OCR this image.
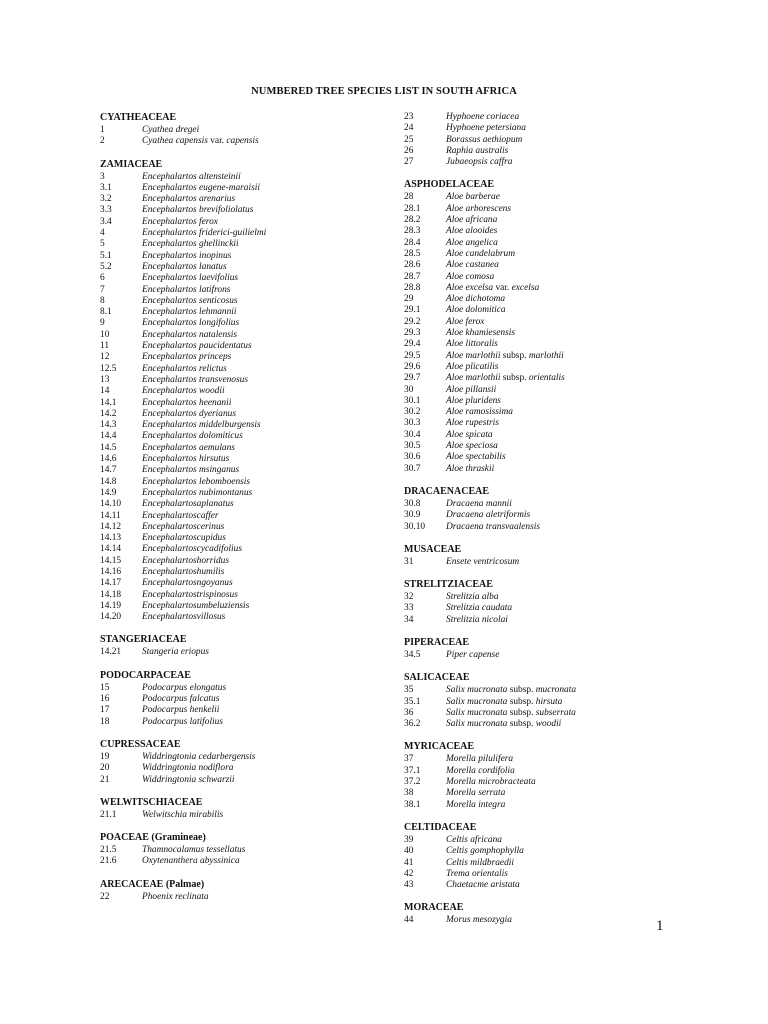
NUMBERED TREE SPECIES LIST IN SOUTH AFRICA
CYATHEACEAE
1	Cyathea dregei
2	Cyathea capensis var. capensis
ZAMIACEAE
3	Encephalartos altensteinii
3.1	Encephalartos eugene-maraisii
3.2	Encephalartos arenarius
3.3	Encephalartos brevifoliolatus
3.4	Encephalartos ferox
4	Encephalartos friderici-guilielmi
5	Encephalartos ghellinckii
5.1	Encephalartos inopinus
5.2	Encephalartos lanatus
6	Encephalartos laevifolius
7	Encephalartos latifrons
8	Encephalartos senticosus
8.1	Encephalartos lehmannii
9	Encephalartos longifolius
10	Encephalartos natalensis
11	Encephalartos paucidentatus
12	Encephalartos princeps
12.5	Encephalartos relictus
13	Encephalartos transvenosus
14	Encephalartos woodii
14.1	Encephalartos heenanii
14.2	Encephalartos dyerianus
14.3	Encephalartos middelburgensis
14.4	Encephalartos dolomiticus
14.5	Encephalartos aemulans
14.6	Encephalartos hirsutus
14.7	Encephalartos msinganus
14.8	Encephalartos lebomboensis
14.9	Encephalartos nubimontanus
14.10	Encephalartosaplanatus
14.11	Encephalartoscaffer
14.12	Encephalartoscerinus
14.13	Encephalartoscupidus
14.14	Encephalartoscycadifolius
14.15	Encephalartoshorridus
14.16	Encephalartoshumilis
14.17	Encephalartosngoyanus
14.18	Encephalartostrispinosus
14.19	Encephalartosumbeluziensis
14.20	Encephalartosvillosus
STANGERIACEAE
14.21	Stangeria eriopus
PODOCARPACEAE
15	Podocarpus elongatus
16	Podocarpus falcatus
17	Podocarpus henkelii
18	Podocarpus latifolius
CUPRESSACEAE
19	Widdringtonia cedarbergensis
20	Widdringtonia nodiflora
21	Widdringtonia schwarzii
WELWITSCHIACEAE
21.1	Welwitschia mirabilis
POACEAE (Gramineae)
21.5	Thamnocalamus tessellatus
21.6	Oxytenanthera abyssinica
ARECACEAE (Palmae)
22	Phoenix reclinata
23	Hyphoene coriacea
24	Hyphoene petersiana
25	Borassus aethiopum
26	Raphia australis
27	Jubaeopsis caffra
ASPHODELACEAE
28	Aloe barberae
28.1	Aloe arborescens
28.2	Aloe africana
28.3	Aloe alooides
28.4	Aloe angelica
28.5	Aloe candelabrum
28.6	Aloe castanea
28.7	Aloe comosa
28.8	Aloe excelsa var. excelsa
29	Aloe dichotoma
29.1	Aloe dolomitica
29.2	Aloe ferox
29.3	Aloe khamiesensis
29.4	Aloe littoralis
29.5	Aloe marlothii subsp. marlothii
29.6	Aloe plicatilis
29.7	Aloe marlothii subsp. orientalis
30	Aloe pillansii
30.1	Aloe pluridens
30.2	Aloe ramosissima
30.3	Aloe rupestris
30.4	Aloe spicata
30.5	Aloe speciosa
30.6	Aloe spectabilis
30.7	Aloe thraskii
DRACAENACEAE
30.8	Dracaena mannii
30.9	Dracaena aletriformis
30.10	Dracaena transvaalensis
MUSACEAE
31	Ensete ventricosum
STRELITZIACEAE
32	Strelitzia alba
33	Strelitzia caudata
34	Strelitzia nicolai
PIPERACEAE
34.5	Piper capense
SALICACEAE
35	Salix mucronata subsp. mucronata
35.1	Salix mucronata subsp. hirsuta
36	Salix mucronata subsp. subserrata
36.2	Salix mucronata subsp. woodii
MYRICACEAE
37	Morella pilulifera
37.1	Morella cordifolia
37.2	Morella microbracteata
38	Morella serrata
38.1	Morella integra
CELTIDACEAE
39	Celtis africana
40	Celtis gomphophylla
41	Celtis mildbraedii
42	Trema orientalis
43	Chaetacme aristata
MORACEAE
44	Morus mesozygia	1
